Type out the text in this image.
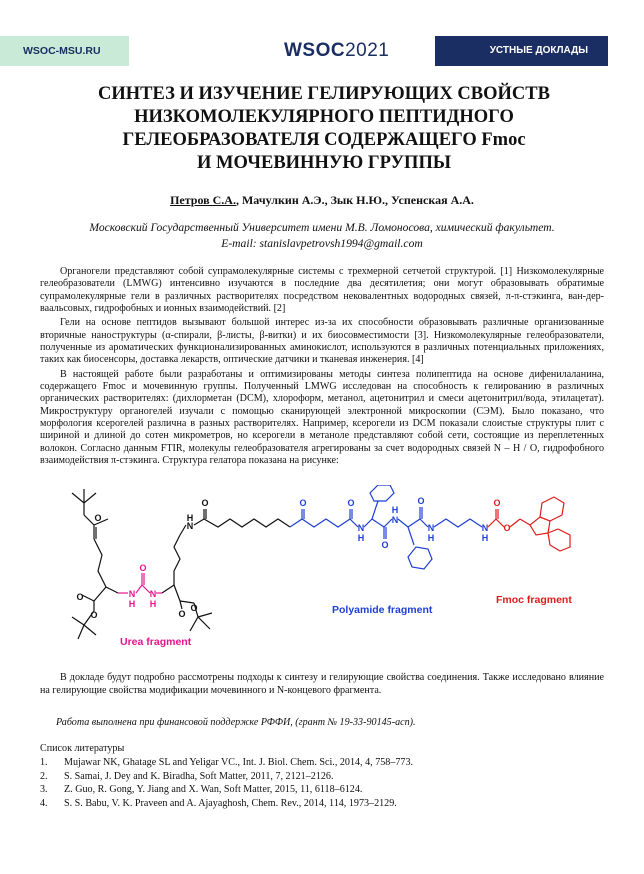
WSOC-MSU.RU	WSOC2021	УСТНЫЕ ДОКЛАДЫ
СИНТЕЗ И ИЗУЧЕНИЕ ГЕЛИРУЮЩИХ СВОЙСТВ
НИЗКОМОЛЕКУЛЯРНОГО ПЕПТИДНОГО
ГЕЛЕОБРАЗОВАТЕЛЯ СОДЕРЖАЩЕГО Fmoc
И МОЧЕВИННУЮ ГРУППЫ
Петров С.А., Мачулкин А.Э., Зык Н.Ю., Успенская А.А.
Московский Государственный Университет имени М.В. Ломоносова, химический факультет.
E-mail: stanislavpetrovsh1994@gmail.com

Органогели представляют собой супрамолекулярные системы с трехмерной сетчетой структурой. [1] Низкомолекулярные гелеобразователи (LMWG) интенсивно изучаются в последние два десятилетия; они могут образовывать обратимые супрамолекулярные гели в различных растворителях посредством нековалентных водородных связей, π-π-стэкинга, ван-дер-ваальсовых, гидрофобных и ионных взаимодействий. [2]

Гели на основе пептидов вызывают большой интерес из-за их способности образовывать различные организованные вторичные наноструктуры (α-спирали, β-листы, β-витки) и их биосовместимости [3]. Низкомолекулярные гелеобразователи, полученные из ароматических функционализированных аминокислот, используются в различных потенциальных приложениях, таких как биосенсоры, доставка лекарств, оптические датчики и тканевая инженерия. [4]

В настоящей работе были разработаны и оптимизированы методы синтеза полипептида на основе дифенилаланина, содержащего Fmoc и мочевинную группы. Полученный LMWG исследован на способность к гелированию в различных органических растворителях: (дихлорметан (DCM), хлороформ, метанол, ацетонитрил и смеси ацетонитрил/вода, этилацетат). Микроструктуру органогелей изучали с помощью сканирующей электронной микроскопии (СЭМ). Было показано, что морфология ксерогелей различна в разных растворителях. Например, ксерогели из DCM показали слоистые структуры плит с шириной и длиной до сотен микрометров, но ксерогели в метаноле представляют собой сети, состоящие из переплетенных волокон. Согласно данным FTIR, молекулы гелеобразователя агрегированы за счет водородных связей N – H / O, гидрофобного взаимодействия π-стэкинга. Структура гелатора показана на рисунке:

O
O
O	O
O
N
H
O
N
H
O
N
H
O	O
N
H
O
N
H
O
N
H
N
H
O
O
Urea fragment
Polyamide fragment
Fmoc fragment

В докладе будут подробно рассмотрены подходы к синтезу и гелирующие свойства соединения. Также исследовано влияние на гелирующие свойства модификации мочевинного и N-концевого фрагмента.

Работа выполнена при финансовой поддержке РФФИ, (грант № 19-33-90145-асп).
Список литературы
1.	Mujawar NK, Ghatage SL and Yeligar VC., Int. J. Biol. Chem. Sci., 2014, 4, 758–773.
2.	S. Samai, J. Dey and K. Biradha, Soft Matter, 2011, 7, 2121–2126.
3.	Z. Guo, R. Gong, Y. Jiang and X. Wan, Soft Matter, 2015, 11, 6118–6124.
4.	S. S. Babu, V. K. Praveen and A. Ajayaghosh, Chem. Rev., 2014, 114, 1973–2129.
